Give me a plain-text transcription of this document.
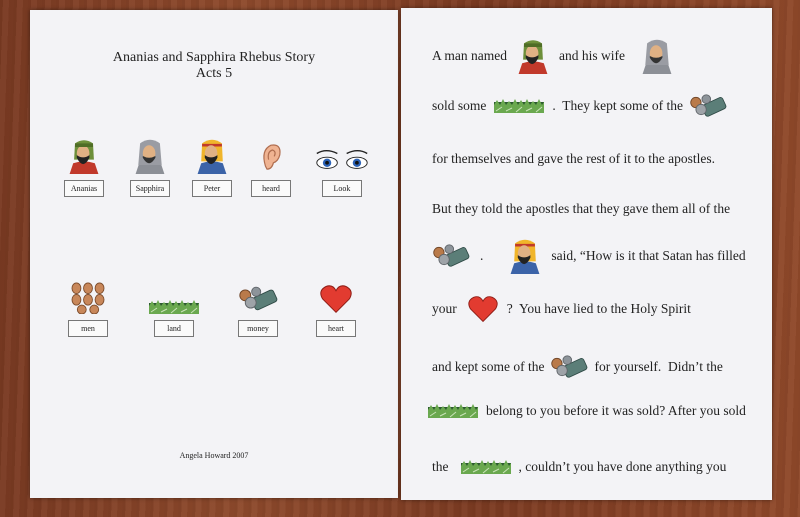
Ananias and Sapphira Rhebus Story
Acts 5
Ananias	Sapphira	Peter	heard	Look
men	land	money	heart
Angela Howard 2007
A man named	and his wife
sold some	.  They kept some of the
for themselves and gave the rest of it to the apostles.
But they told the apostles that they gave them all of the
.	said, “How is it that Satan has filled
your	?  You have lied to the Holy Spirit
and kept some of the	for yourself.  Didn’t the
belong to you before it was sold? After you sold
the	, couldn’t you have done anything you
